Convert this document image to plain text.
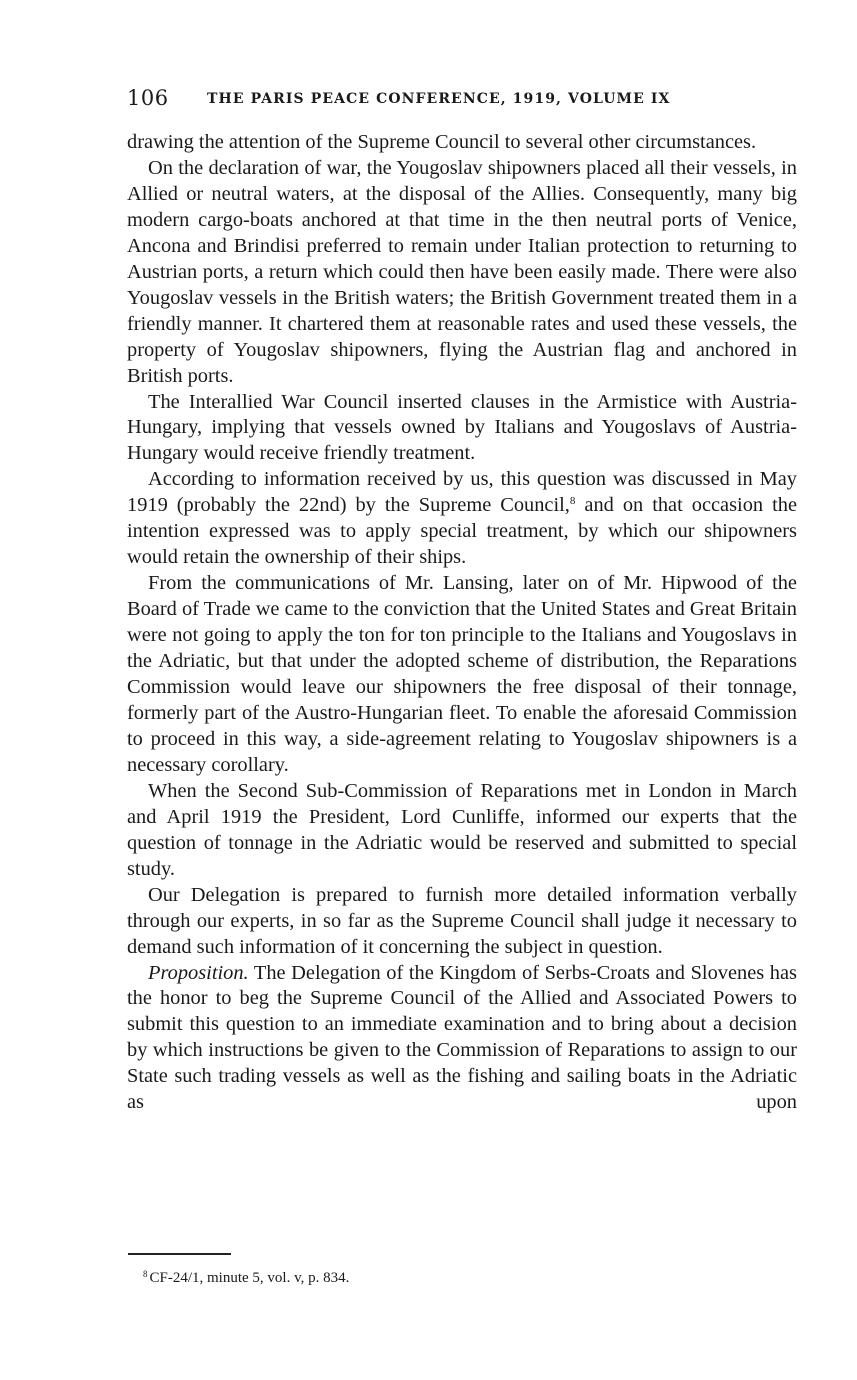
106	THE PARIS PEACE CONFERENCE, 1919, VOLUME IX

drawing the attention of the Supreme Council to several other circumstances.

On the declaration of war, the Yougoslav shipowners placed all their vessels, in Allied or neutral waters, at the disposal of the Allies. Consequently, many big modern cargo-boats anchored at that time in the then neutral ports of Venice, Ancona and Brindisi preferred to remain under Italian protection to returning to Austrian ports, a return which could then have been easily made. There were also Yougoslav vessels in the British waters; the British Government treated them in a friendly manner. It chartered them at reasonable rates and used these vessels, the property of Yougoslav shipowners, flying the Austrian flag and anchored in British ports.

The Interallied War Council inserted clauses in the Armistice with Austria-Hungary, implying that vessels owned by Italians and Yougoslavs of Austria-Hungary would receive friendly treatment.

According to information received by us, this question was discussed in May 1919 (probably the 22nd) by the Supreme Council,$^8$ and on that occasion the intention expressed was to apply special treatment, by which our shipowners would retain the ownership of their ships.

From the communications of Mr. Lansing, later on of Mr. Hipwood of the Board of Trade we came to the conviction that the United States and Great Britain were not going to apply the ton for ton principle to the Italians and Yougoslavs in the Adriatic, but that under the adopted scheme of distribution, the Reparations Commission would leave our shipowners the free disposal of their tonnage, formerly part of the Austro-Hungarian fleet. To enable the aforesaid Commission to proceed in this way, a side-agreement relating to Yougoslav shipowners is a necessary corollary.

When the Second Sub-Commission of Reparations met in London in March and April 1919 the President, Lord Cunliffe, informed our experts that the question of tonnage in the Adriatic would be reserved and submitted to special study.

Our Delegation is prepared to furnish more detailed information verbally through our experts, in so far as the Supreme Council shall judge it necessary to demand such information of it concerning the subject in question.

Proposition. The Delegation of the Kingdom of Serbs-Croats and Slovenes has the honor to beg the Supreme Council of the Allied and Associated Powers to submit this question to an immediate examination and to bring about a decision by which instructions be given to the Commission of Reparations to assign to our State such trading vessels as well as the fishing and sailing boats in the Adriatic as upon

$^8$ CF-24/1, minute 5, vol. v, p. 834.
